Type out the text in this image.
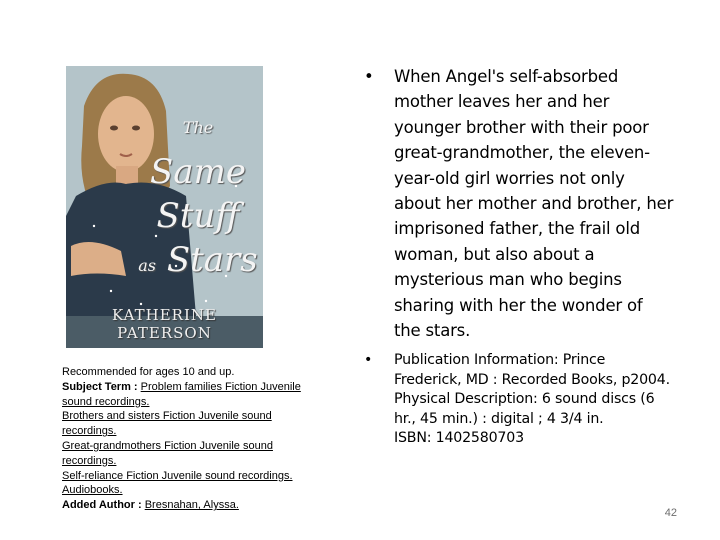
The
Same
Stuff
as Stars
KATHERINE PATERSON

Recommended for ages 10 and up.

Subject Term : Problem families Fiction Juvenile sound recordings.
Brothers and sisters Fiction Juvenile sound recordings.
Great-grandmothers Fiction Juvenile sound recordings.
Self-reliance Fiction Juvenile sound recordings.
Audiobooks.

Added Author : Bresnahan, Alyssa.

• When Angel's self-absorbed mother leaves her and her younger brother with their poor great-grandmother, the eleven-year-old girl worries not only about her mother and brother, her imprisoned father, the frail old woman, but also about a mysterious man who begins sharing with her the wonder of the stars.
• Publication Information: Prince Frederick, MD : Recorded Books, p2004.
Physical Description: 6 sound discs (6 hr., 45 min.) : digital ; 4 3/4 in.
ISBN: 1402580703
42
